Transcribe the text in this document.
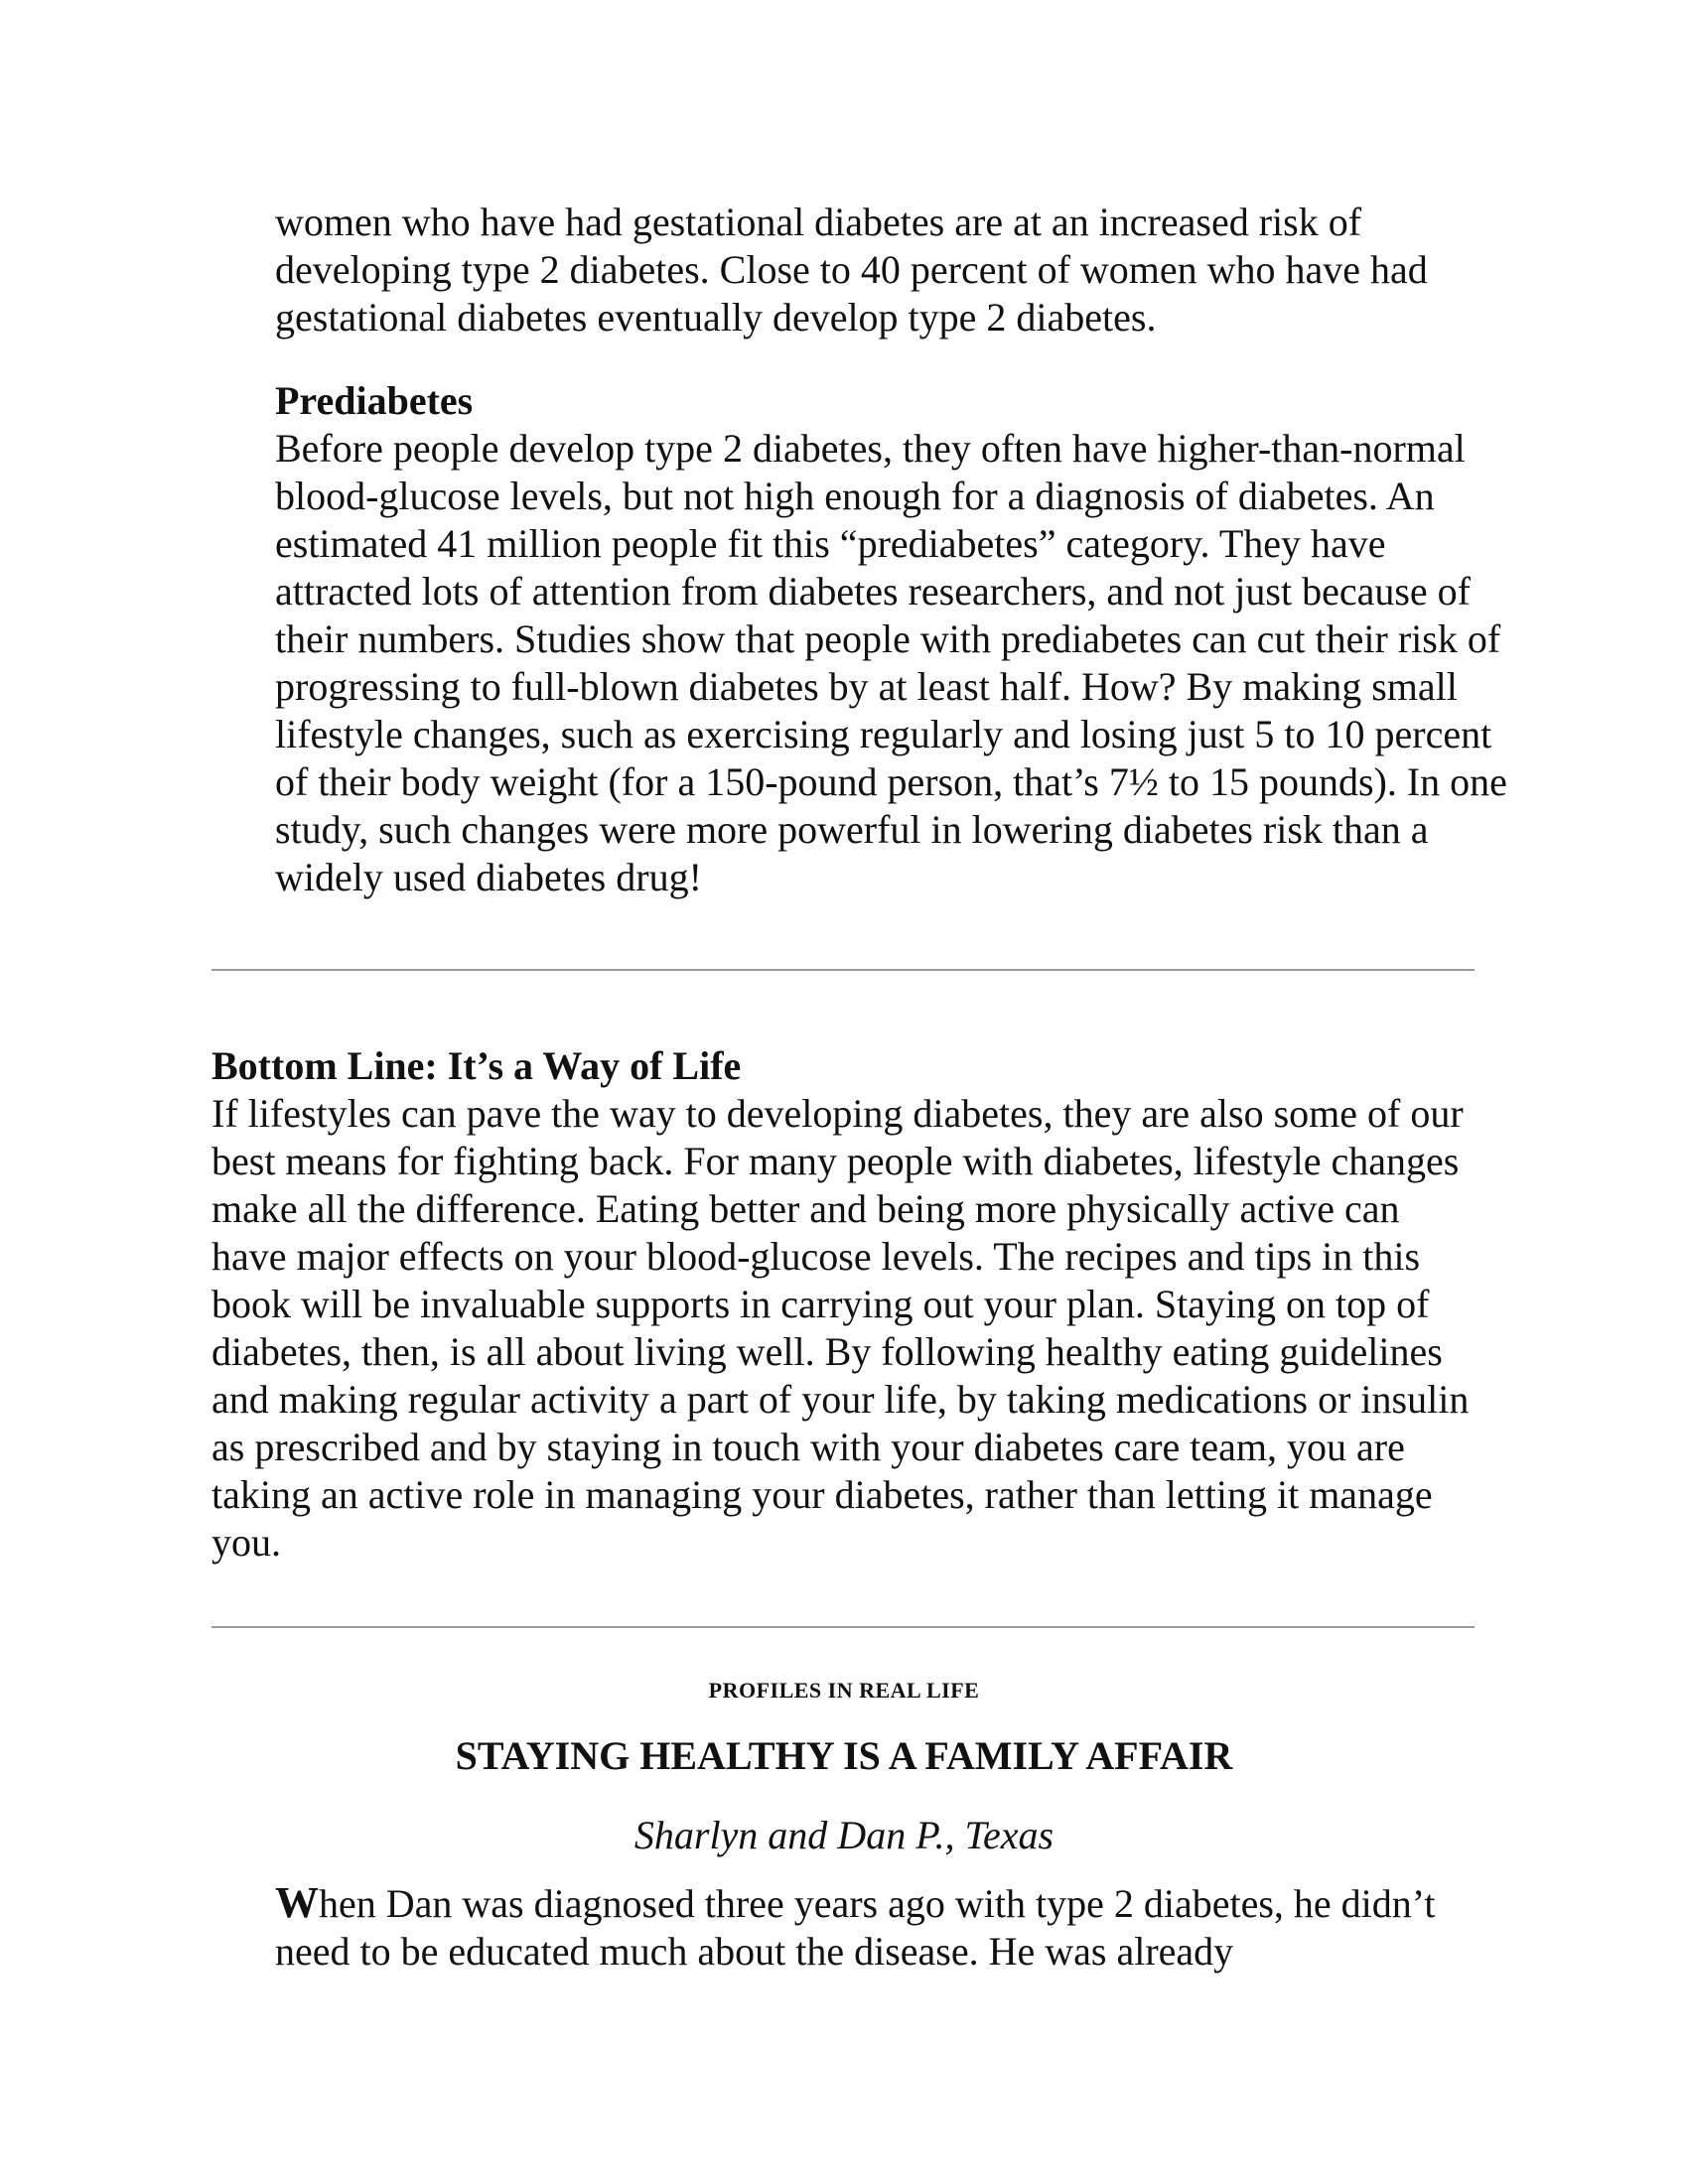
women who have had gestational diabetes are at an increased risk of developing type 2 diabetes. Close to 40 percent of women who have had gestational diabetes eventually develop type 2 diabetes.

Prediabetes

Before people develop type 2 diabetes, they often have higher-than-normal blood-glucose levels, but not high enough for a diagnosis of diabetes. An estimated 41 million people fit this “prediabetes” category. They have attracted lots of attention from diabetes researchers, and not just because of their numbers. Studies show that people with prediabetes can cut their risk of progressing to full-blown diabetes by at least half. How? By making small lifestyle changes, such as exercising regularly and losing just 5 to 10 percent of their body weight (for a 150-pound person, that’s 7½ to 15 pounds). In one study, such changes were more powerful in lowering diabetes risk than a widely used diabetes drug!

Bottom Line: It’s a Way of Life

If lifestyles can pave the way to developing diabetes, they are also some of our best means for fighting back. For many people with diabetes, lifestyle changes make all the difference. Eating better and being more physically active can have major effects on your blood-glucose levels. The recipes and tips in this book will be invaluable supports in carrying out your plan. Staying on top of diabetes, then, is all about living well. By following healthy eating guidelines and making regular activity a part of your life, by taking medications or insulin as prescribed and by staying in touch with your diabetes care team, you are taking an active role in managing your diabetes, rather than letting it manage you.

PROFILES IN REAL LIFE

STAYING HEALTHY IS A FAMILY AFFAIR

Sharlyn and Dan P., Texas

When Dan was diagnosed three years ago with type 2 diabetes, he didn’t need to be educated much about the disease. He was already
